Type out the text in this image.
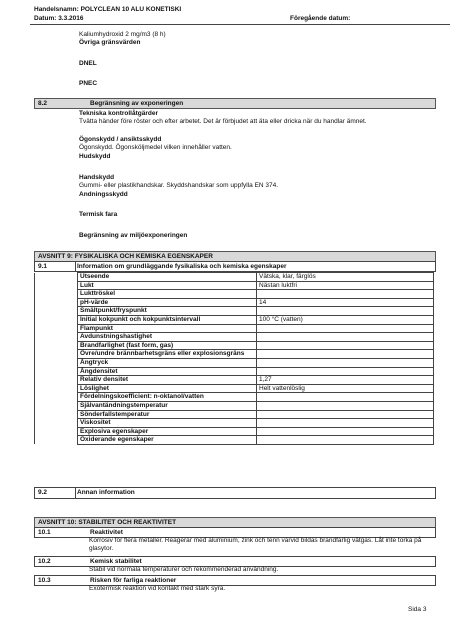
Handelsnamn: POLYCLEAN 10 ALU KONETISKI
Datum: 3.3.2016	Föregående datum:
Kaliumhydroxid 2 mg/m3 (8 h)
Övriga gränsvärden
DNEL
PNEC
8.2	Begränsning av exponeringen
Tekniska kontrollåtgärder
Tvätta händer före röster och efter arbetet. Det är förbjudet att äta eller dricka när du handlar ämnet.
Ögonskydd / ansiktsskydd
Ögonskydd. Ögonsköljmedel vilken innehåller vatten.
Hudskydd
Handskydd
Gummi- eller plastikhandskar. Skyddshandskar som uppfylla EN 374.
Andningsskydd
Termisk fara
Begränsning av miljöexponeringen
AVSNITT 9: FYSIKALISKA OCH KEMISKA EGENSKAPER
9.1	Information om grundläggande fysikaliska och kemiska egenskaper
	Utseende	Vätska, klar, färglös
	Lukt	Nästan luktfri
	Lukttröskel	
	pH-värde	14
	Smältpunkt/fryspunkt	
	Initial kokpunkt och kokpunktsintervall	100 °C (vatten)
	Flampunkt	
	Avdunstningshastighet	
	Brandfarlighet (fast form, gas)	
	Övre/undre brännbarhetsgräns eller explosionsgräns	
	Ångtryck	
	Ångdensitet	
	Relativ densitet	1,27
	Löslighet	Helt vattenlöslig
	Fördelningskoefficient: n-oktanol/vatten	
	Självantändningstemperatur	
	Sönderfallstemperatur	
	Viskositet	
	Explosiva egenskaper	
	Oxiderande egenskaper	
9.2	Annan information
AVSNITT 10: STABILITET OCH REAKTIVITET
10.1	Reaktivitet
Korrosiv för flera metaller. Reagerar med aluminium, zink och tenn varvid bildas brandfarlig vätgas. Låt inte torka på glasytor.
10.2	Kemisk stabilitet
Stabil vid normala temperaturer och rekommenderad användning.
10.3	Risken för farliga reaktioner
Exotermisk reaktion vid kontakt med stark syra.
Sida 3
